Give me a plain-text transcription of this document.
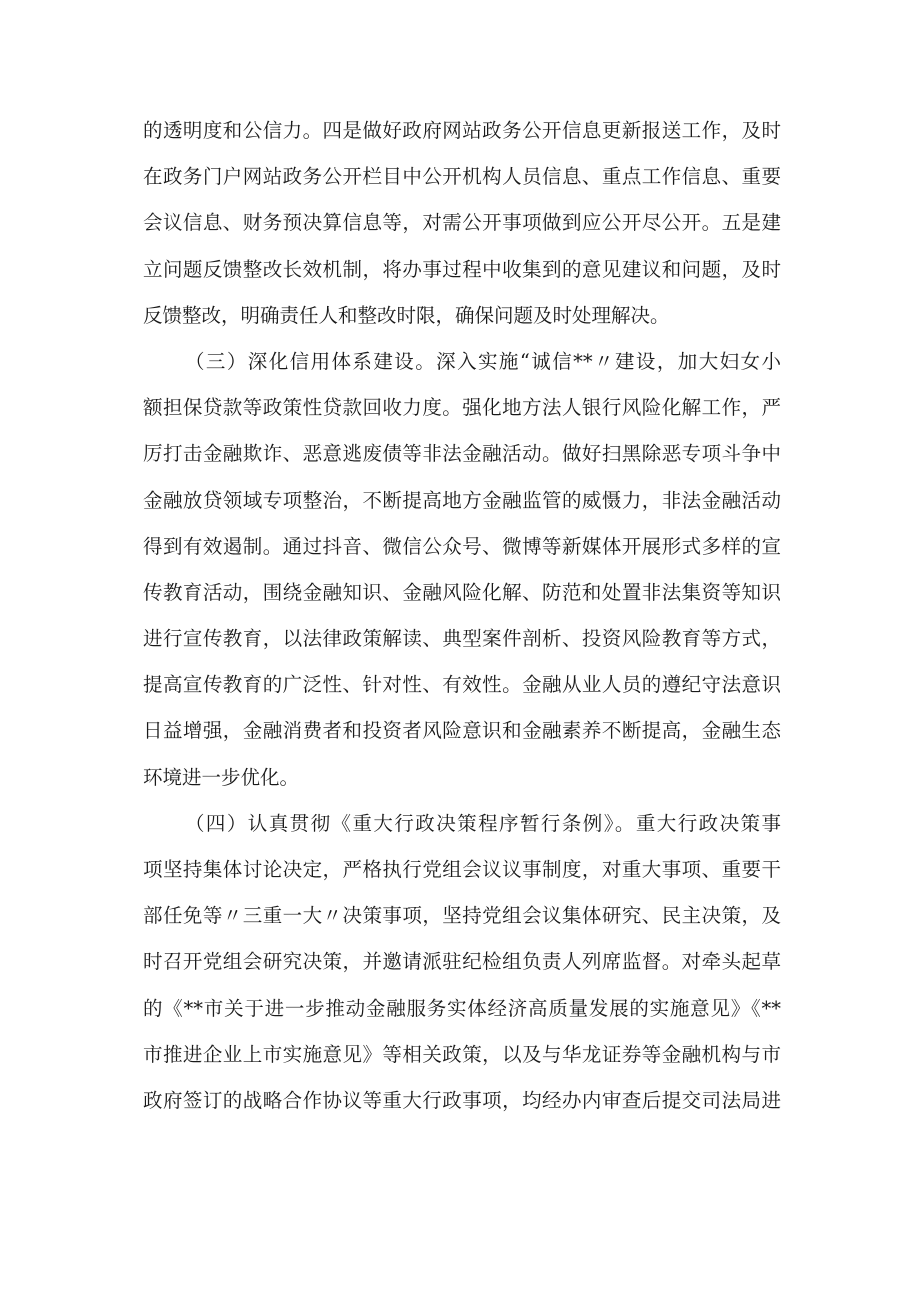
的透明度和公信力。四是做好政府网站政务公开信息更新报送工作，及时
在政务门户网站政务公开栏目中公开机构人员信息、重点工作信息、重要
会议信息、财务预决算信息等，对需公开事项做到应公开尽公开。五是建
立问题反馈整改长效机制，将办事过程中收集到的意见建议和问题，及时
反馈整改，明确责任人和整改时限，确保问题及时处理解决。
（三）深化信用体系建设。深入实施“诚信**〃建设，加大妇女小
额担保贷款等政策性贷款回收力度。强化地方法人银行风险化解工作，严
厉打击金融欺诈、恶意逃废债等非法金融活动。做好扫黑除恶专项斗争中
金融放贷领域专项整治，不断提高地方金融监管的威慑力，非法金融活动
得到有效遏制。通过抖音、微信公众号、微博等新媒体开展形式多样的宣
传教育活动，围绕金融知识、金融风险化解、防范和处置非法集资等知识
进行宣传教育，以法律政策解读、典型案件剖析、投资风险教育等方式，
提高宣传教育的广泛性、针对性、有效性。金融从业人员的遵纪守法意识
日益增强，金融消费者和投资者风险意识和金融素养不断提高，金融生态
环境进一步优化。
（四）认真贯彻《重大行政决策程序暂行条例》。重大行政决策事
项坚持集体讨论决定，严格执行党组会议议事制度，对重大事项、重要干
部任免等〃三重一大〃决策事项，坚持党组会议集体研究、民主决策，及
时召开党组会研究决策，并邀请派驻纪检组负责人列席监督。对牵头起草
的《**市关于进一步推动金融服务实体经济高质量发展的实施意见》《**
市推进企业上市实施意见》等相关政策，以及与华龙证券等金融机构与市
政府签订的战略合作协议等重大行政事项，均经办内审查后提交司法局进
